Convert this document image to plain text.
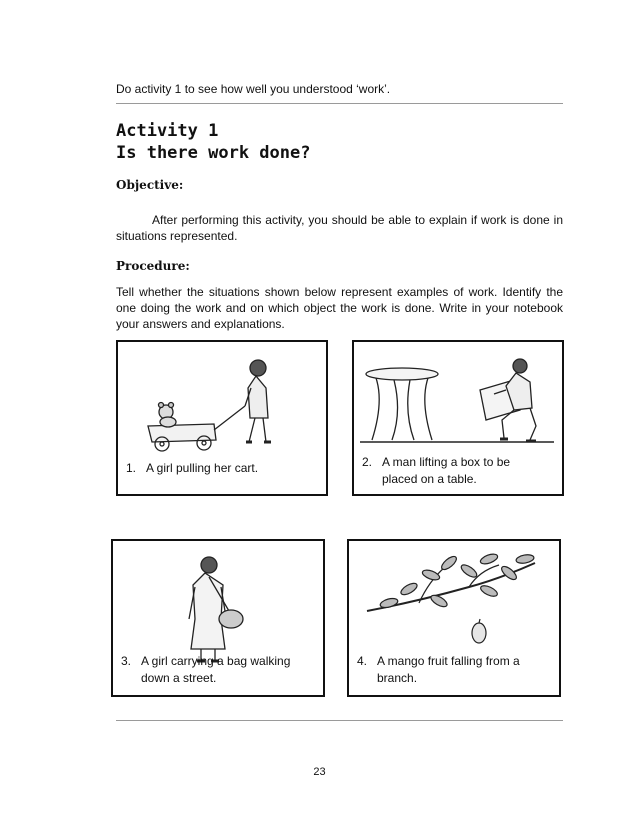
Do activity 1 to see how well you understood ‘work’.
Activity 1
Is there work done?
Objective:
After performing this activity, you should be able to explain if work is done in situations represented.
Procedure:
Tell whether the situations shown below represent examples of work. Identify the one doing the work and on which object the work is done. Write in your notebook your answers and explanations.
1. A girl pulling her cart.	2. A man lifting a box to be
placed on a table.
3. A girl carrying a bag walking
down a street.
4. A mango fruit falling from a
branch.
23
